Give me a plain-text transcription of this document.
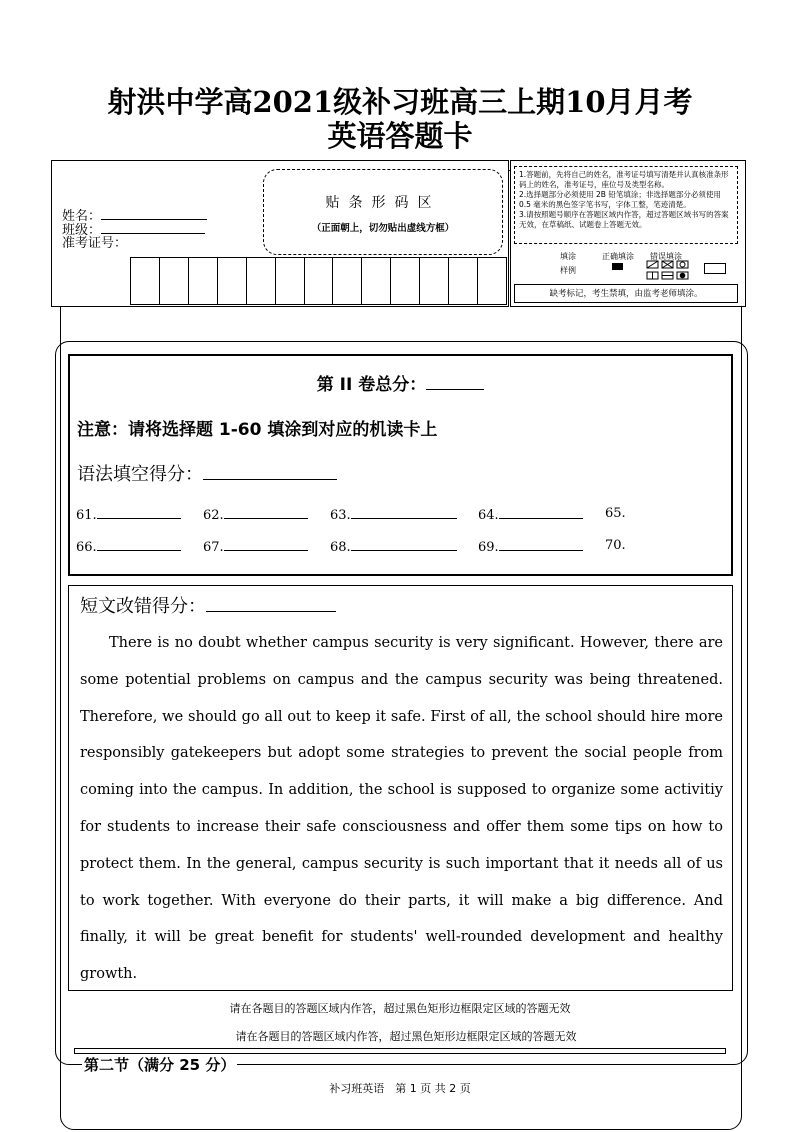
射洪中学高2021级补习班高三上期10月月考
英语答题卡
姓名：
班级：
准考证号：
贴条形码区
（正面朝上，切勿贴出虚线方框）
1.答题前，先将自己的姓名，准考证号填写清楚并认真核准条形码上的姓名，准考证号，座位号及类型名称。
2.选择题部分必须使用 2B 铅笔填涂；非选择题部分必须使用 0.5 毫米的黑色签字笔书写，字体工整，笔迹清楚。
3.请按照题号顺序在答题区域内作答，超过答题区域书写的答案无效，在草稿纸、试题卷上答题无效。
填涂
样例
正确填涂 错误填涂
缺考标记，考生禁填，由监考老师填涂。
第 II 卷总分：
注意：请将选择题 1-60 填涂到对应的机读卡上
语法填空得分：
61.	62.	63.	64.	65.
66.	67.	68.	69.	70.
短文改错得分：
There is no doubt whether campus security is very significant. However, there are some potential problems on campus and the campus security was being threatened. Therefore, we should go all out to keep it safe. First of all, the school should hire more responsibly gatekeepers but adopt some strategies to prevent the social people from coming into the campus. In addition, the school is supposed to organize some activitiy for students to increase their safe consciousness and offer them some tips on how to protect them. In the general, campus security is such important that it needs all of us to work together. With everyone do their parts, it will make a big difference. And finally, it will be great benefit for students' well-rounded development and healthy growth.
请在各题目的答题区域内作答，超过黑色矩形边框限定区域的答题无效
请在各题目的答题区域内作答，超过黑色矩形边框限定区域的答题无效
第二节（满分 25 分）
补习班英语　第 1 页 共 2 页
